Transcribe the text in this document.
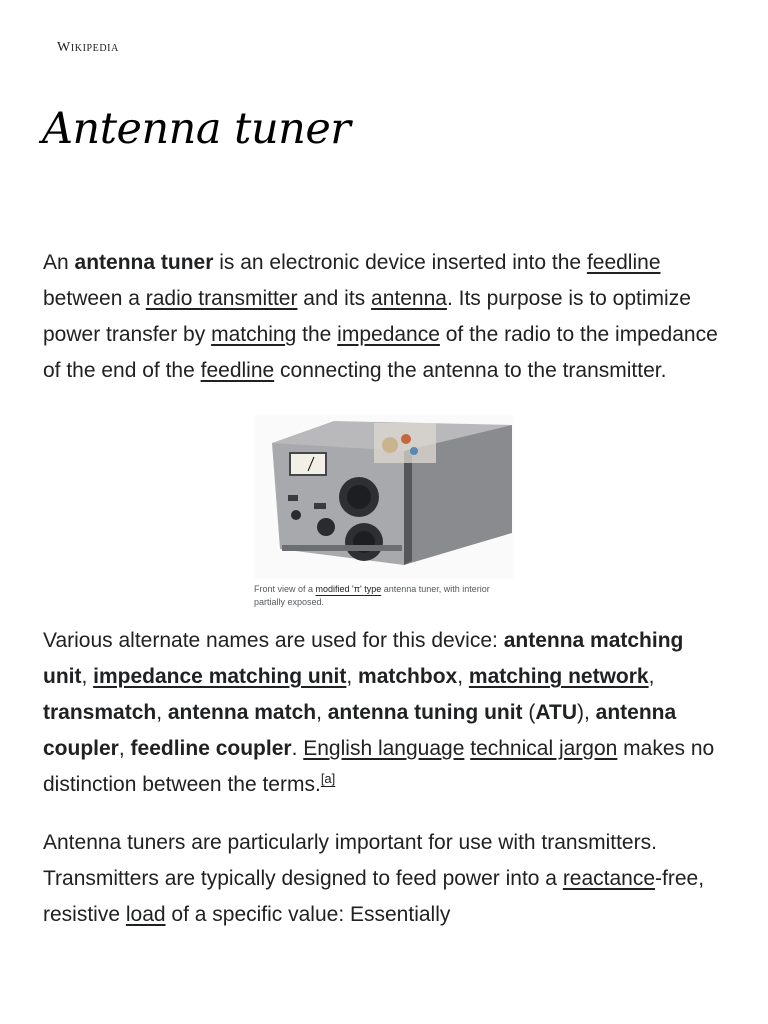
Wikipedia
Antenna tuner

An antenna tuner is an electronic device inserted into the feedline between a radio transmitter and its antenna. Its purpose is to optimize power transfer by matching the impedance of the radio to the impedance of the end of the feedline connecting the antenna to the transmitter.

Front view of a modified 'π' type antenna tuner, with interior partially exposed.

Various alternate names are used for this device: antenna matching unit, impedance matching unit, matchbox, matching network, transmatch, antenna match, antenna tuning unit (ATU), antenna coupler, feedline coupler. English language technical jargon makes no distinction between the terms.[a]

Antenna tuners are particularly important for use with transmitters. Transmitters are typically designed to feed power into a reactance-free, resistive load of a specific value: Essentially
